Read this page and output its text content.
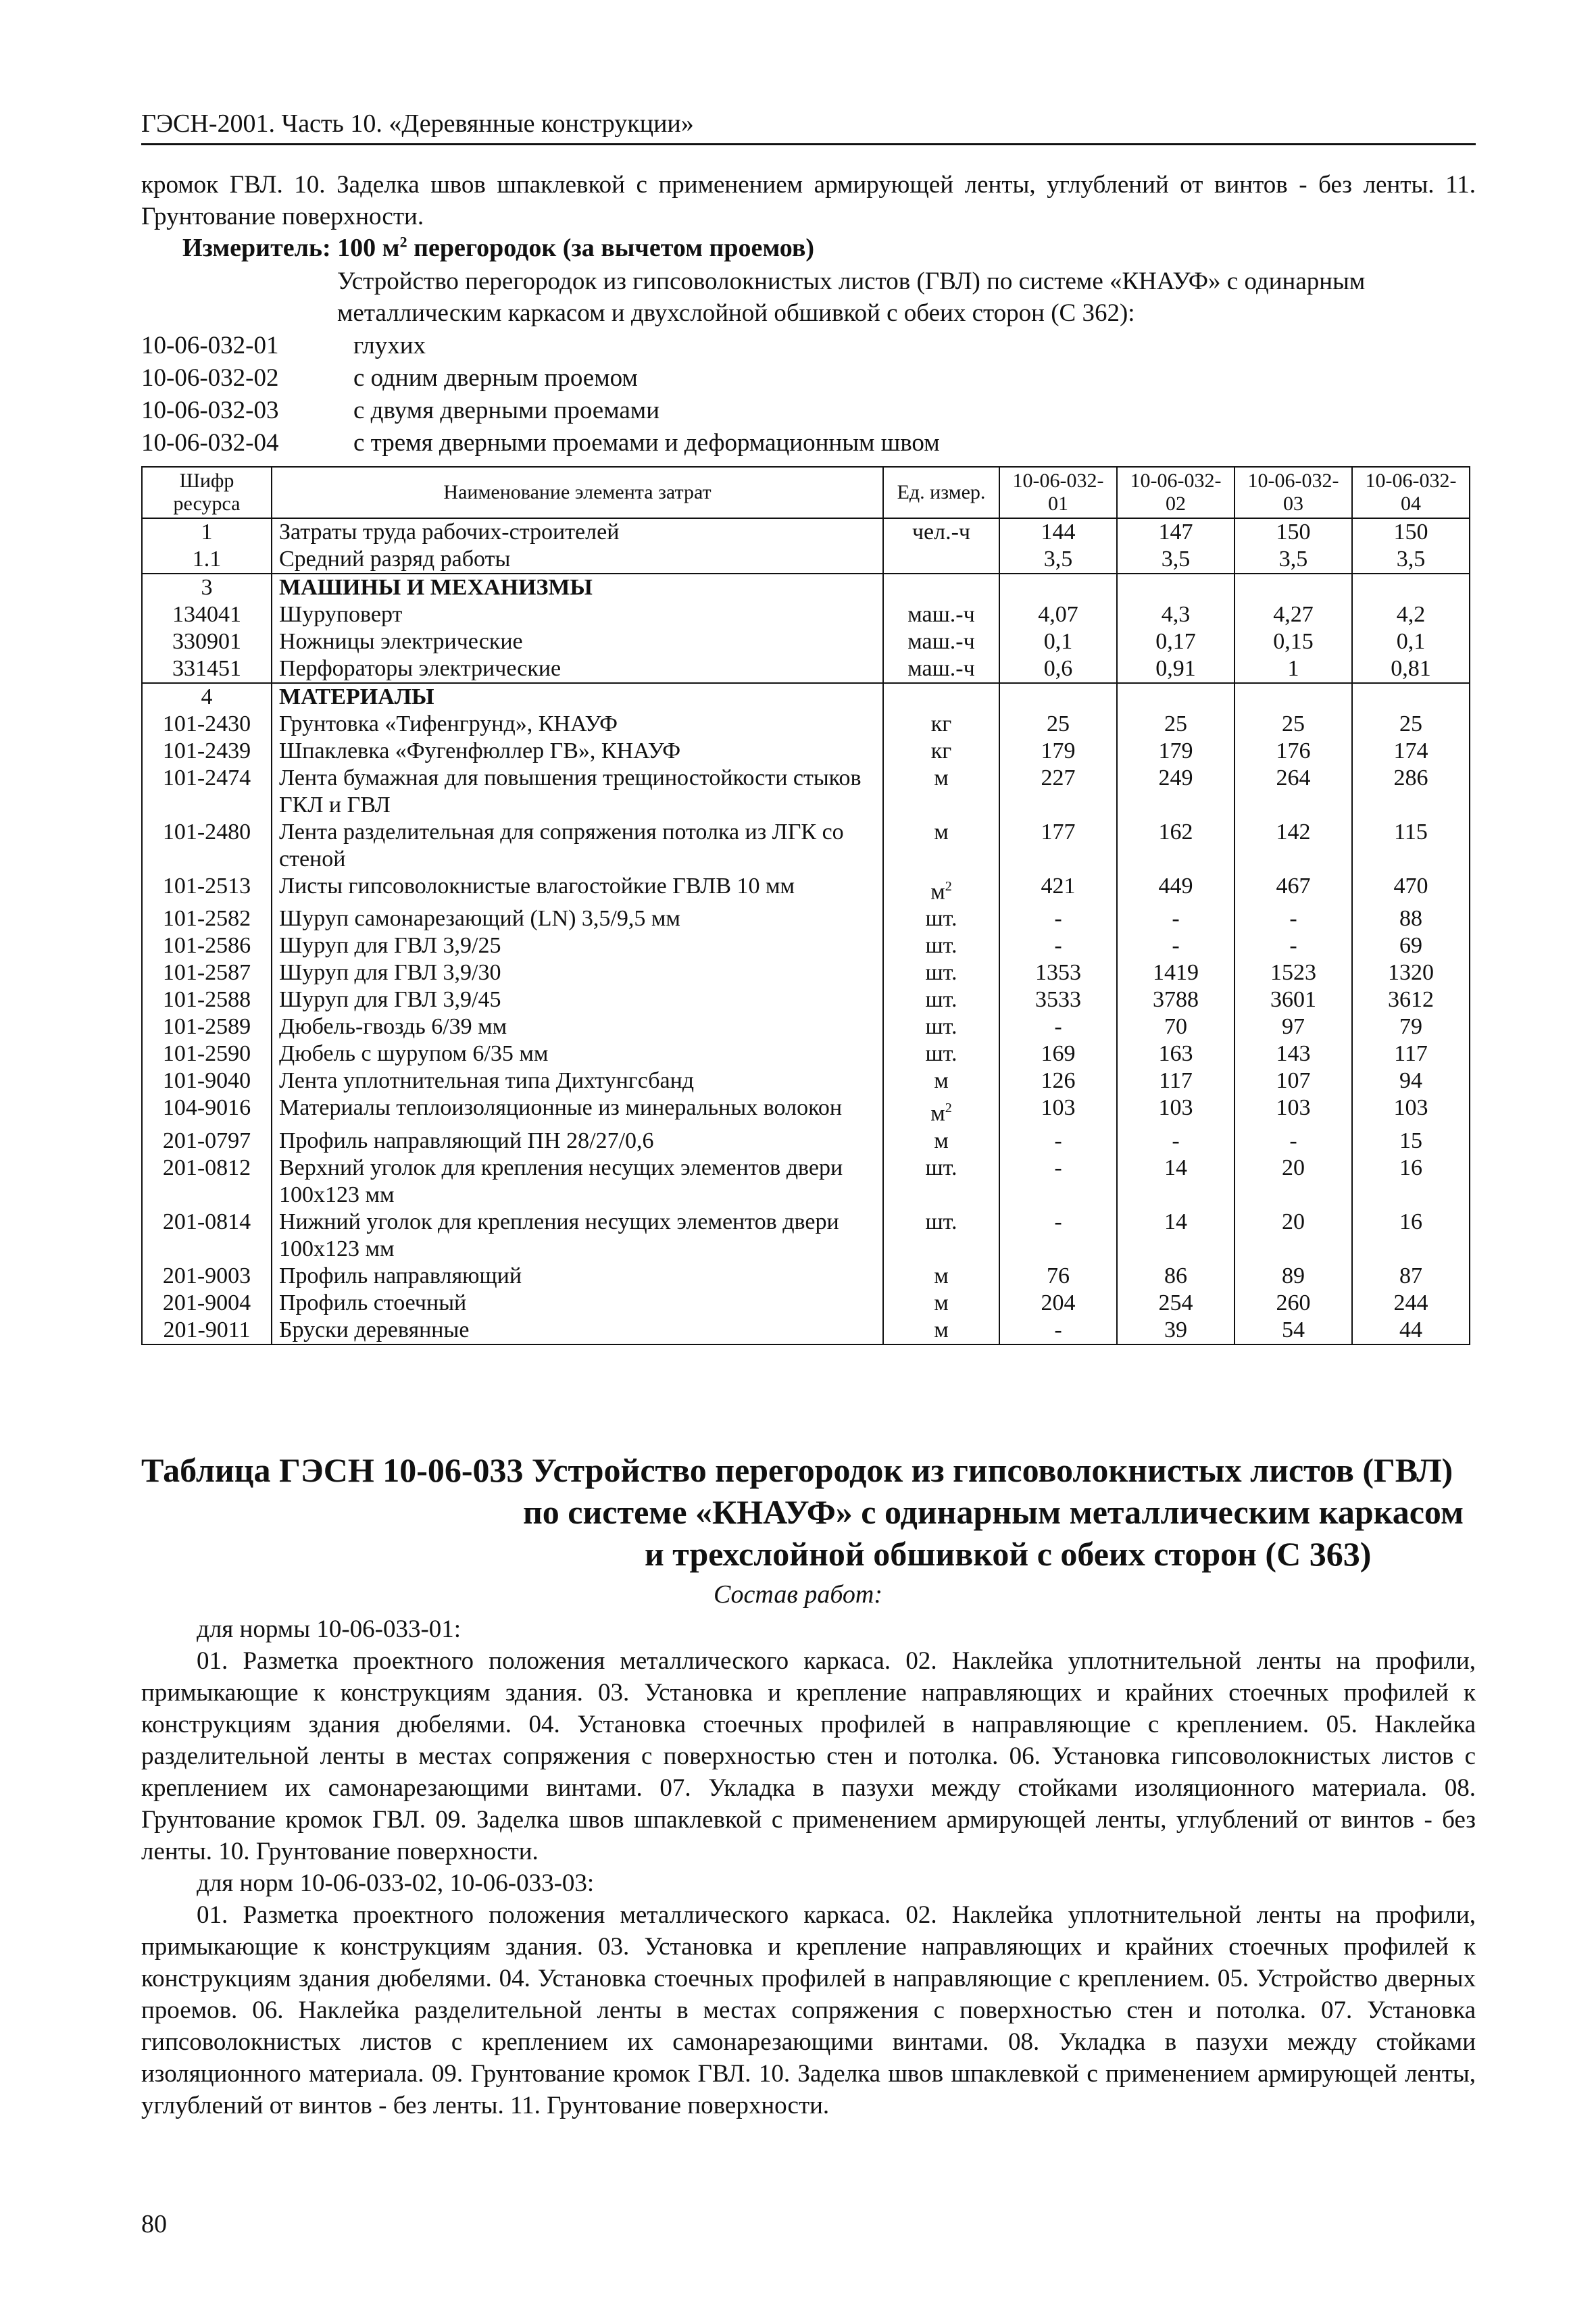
ГЭСН-2001. Часть 10. «Деревянные конструкции»

кромок ГВЛ. 10. Заделка швов шпаклевкой с применением армирующей ленты, углублений от винтов - без ленты. 11. Грунтование поверхности.

Измеритель: 100 $м^2$ перегородок (за вычетом проемов)
Устройство перегородок из гипсоволокнистых листов (ГВЛ) по системе «КНАУФ» с одинарным металлическим каркасом и двухслойной обшивкой с обеих сторон (С 362):
10-06-032-01	глухих
10-06-032-02	с одним дверным проемом
10-06-032-03	с двумя дверными проемами
10-06-032-04	с тремя дверными проемами и деформационным швом
Шифр ресурса	Наименование элемента затрат	Ед. измер.	10-06-032-01	10-06-032-02	10-06-032-03	10-06-032-04
1	Затраты труда рабочих-строителей	чел.-ч	144	147	150	150
1.1	Средний разряд работы		3,5	3,5	3,5	3,5
3	МАШИНЫ И МЕХАНИЗМЫ					
134041	Шуруповерт	маш.-ч	4,07	4,3	4,27	4,2
330901	Ножницы электрические	маш.-ч	0,1	0,17	0,15	0,1
331451	Перфораторы электрические	маш.-ч	0,6	0,91	1	0,81
4	МАТЕРИАЛЫ					
101-2430	Грунтовка «Тифенгрунд», КНАУФ	кг	25	25	25	25
101-2439	Шпаклевка «Фугенфюллер ГВ», КНАУФ	кг	179	179	176	174
101-2474	Лента бумажная для повышения трещиностойкости стыков ГКЛ и ГВЛ	м	227	249	264	286
101-2480	Лента разделительная для сопряжения потолка из ЛГК со стеной	м	177	162	142	115
101-2513	Листы гипсоволокнистые влагостойкие ГВЛВ 10 мм	$м^2$	421	449	467	470
101-2582	Шуруп самонарезающий (LN) 3,5/9,5 мм	шт.	-	-	-	88
101-2586	Шуруп для ГВЛ 3,9/25	шт.	-	-	-	69
101-2587	Шуруп для ГВЛ 3,9/30	шт.	1353	1419	1523	1320
101-2588	Шуруп для ГВЛ 3,9/45	шт.	3533	3788	3601	3612
101-2589	Дюбель-гвоздь 6/39 мм	шт.	-	70	97	79
101-2590	Дюбель с шурупом 6/35 мм	шт.	169	163	143	117
101-9040	Лента уплотнительная типа Дихтунгсбанд	м	126	117	107	94
104-9016	Материалы теплоизоляционные из минеральных волокон	$м^2$	103	103	103	103
201-0797	Профиль направляющий ПН 28/27/0,6	м	-	-	-	15
201-0812	Верхний уголок для крепления несущих элементов двери 100х123 мм	шт.	-	14	20	16
201-0814	Нижний уголок для крепления несущих элементов двери 100х123 мм	шт.	-	14	20	16
201-9003	Профиль направляющий	м	76	86	89	87
201-9004	Профиль стоечный	м	204	254	260	244
201-9011	Бруски деревянные	м	-	39	54	44
Таблица ГЭСН 10-06-033 Устройство перегородок из гипсоволокнистых листов (ГВЛ)
по системе «КНАУФ» с одинарным металлическим каркасом
и трехслойной обшивкой с обеих сторон (С 363)
Состав работ:

для нормы 10-06-033-01:

01. Разметка проектного положения металлического каркаса. 02. Наклейка уплотнительной ленты на профили, примыкающие к конструкциям здания. 03. Установка и крепление направляющих и крайних стоечных профилей к конструкциям здания дюбелями. 04. Установка стоечных профилей в направляющие с креплением. 05. Наклейка разделительной ленты в местах сопряжения с поверхностью стен и потолка. 06. Установка гипсоволокнистых листов с креплением их самонарезающими винтами. 07. Укладка в пазухи между стойками изоляционного материала. 08. Грунтование кромок ГВЛ. 09. Заделка швов шпаклевкой с применением армирующей ленты, углублений от винтов - без ленты. 10. Грунтование поверхности.

для норм 10-06-033-02, 10-06-033-03:

01. Разметка проектного положения металлического каркаса. 02. Наклейка уплотнительной ленты на профили, примыкающие к конструкциям здания. 03. Установка и крепление направляющих и крайних стоечных профилей к конструкциям здания дюбелями. 04. Установка стоечных профилей в направляющие с креплением. 05. Устройство дверных проемов. 06. Наклейка разделительной ленты в местах сопряжения с поверхностью стен и потолка. 07. Установка гипсоволокнистых листов с креплением их самонарезающими винтами. 08. Укладка в пазухи между стойками изоляционного материала. 09. Грунтование кромок ГВЛ. 10. Заделка швов шпаклевкой с применением армирующей ленты, углублений от винтов - без ленты. 11. Грунтование поверхности.

80
